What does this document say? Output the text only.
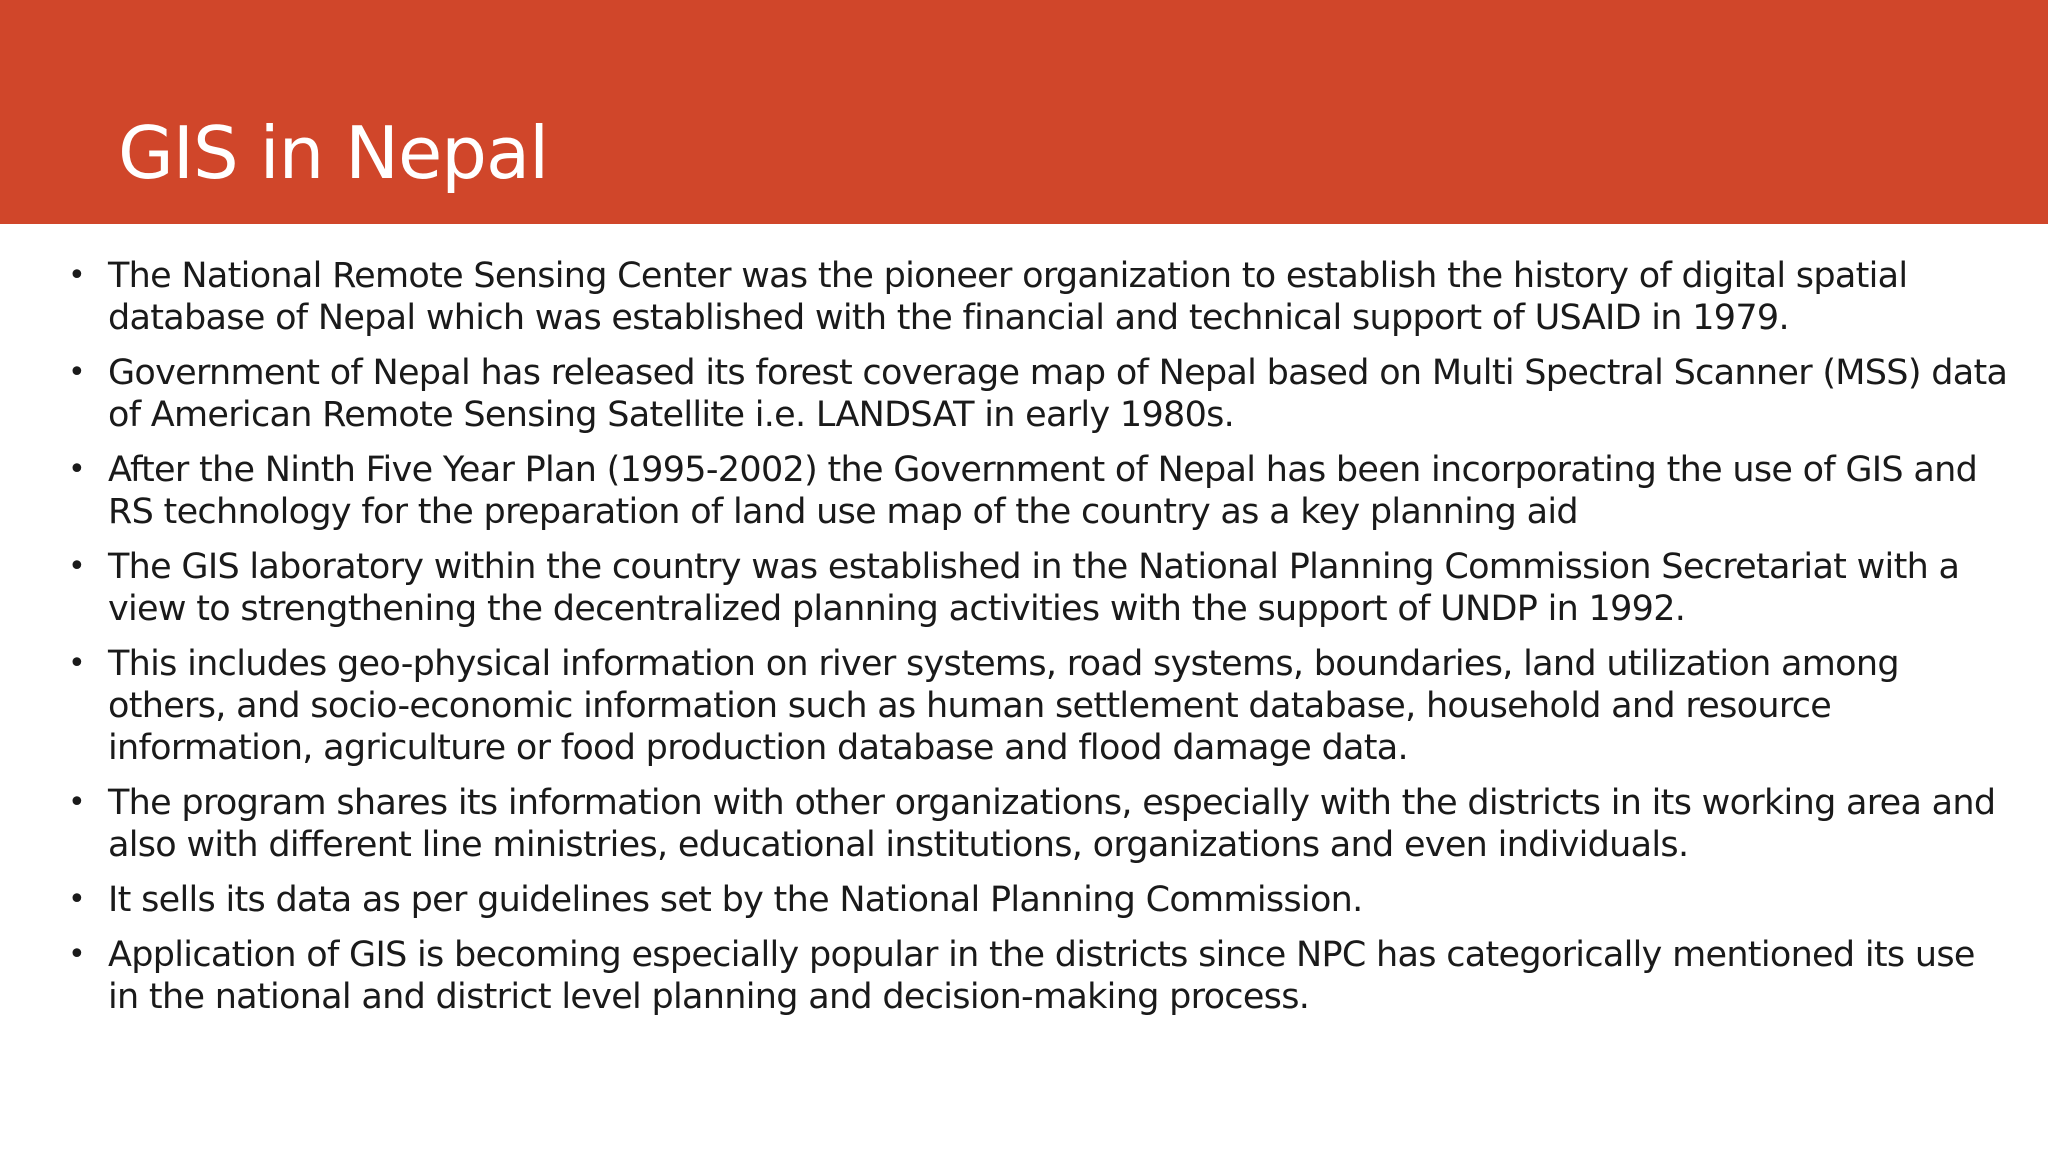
GIS in Nepal
• The National Remote Sensing Center was the pioneer organization to establish the history of digital spatial database of Nepal which was established with the financial and technical support of USAID in 1979.
• Government of Nepal has released its forest coverage map of Nepal based on Multi Spectral Scanner (MSS) data of American Remote Sensing Satellite i.e. LANDSAT in early 1980s.
• After the Ninth Five Year Plan (1995-2002) the Government of Nepal has been incorporating the use of GIS and RS technology for the preparation of land use map of the country as a key planning aid
• The GIS laboratory within the country was established in the National Planning Commission Secretariat with a view to strengthening the decentralized planning activities with the support of UNDP in 1992.
• This includes geo-physical information on river systems, road systems, boundaries, land utilization among others, and socio-economic information such as human settlement database, household and resource information, agriculture or food production database and flood damage data.
• The program shares its information with other organizations, especially with the districts in its working area and also with different line ministries, educational institutions, organizations and even individuals.
• It sells its data as per guidelines set by the National Planning Commission.
• Application of GIS is becoming especially popular in the districts since NPC has categorically mentioned its use in the national and district level planning and decision-making process.
